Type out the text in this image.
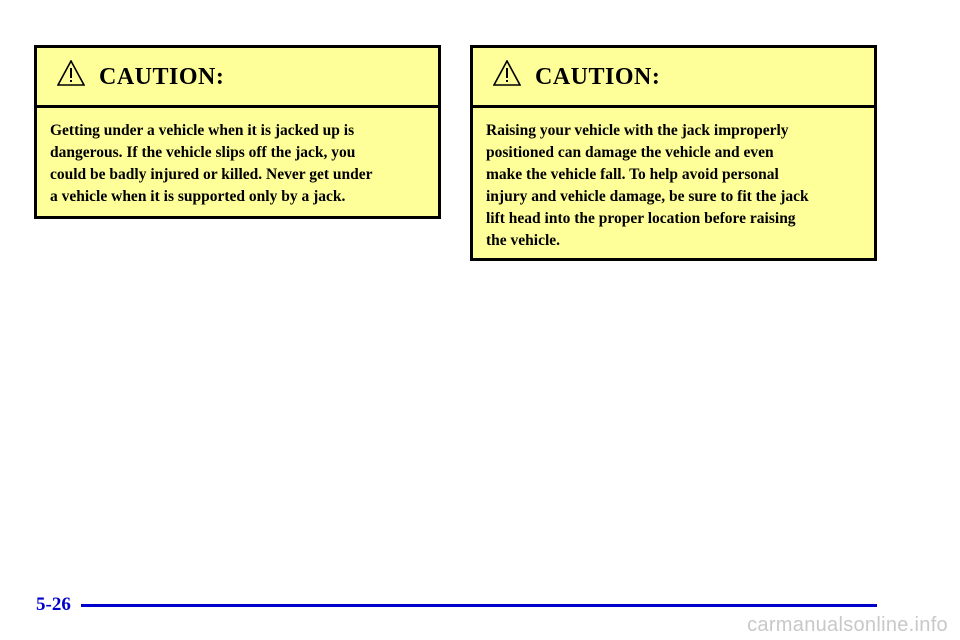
CAUTION:
Getting under a vehicle when it is jacked up is
dangerous. If the vehicle slips off the jack, you
could be badly injured or killed. Never get under
a vehicle when it is supported only by a jack.
CAUTION:
Raising your vehicle with the jack improperly
positioned can damage the vehicle and even
make the vehicle fall. To help avoid personal
injury and vehicle damage, be sure to fit the jack
lift head into the proper location before raising
the vehicle.
5-26
carmanualsonline.info
